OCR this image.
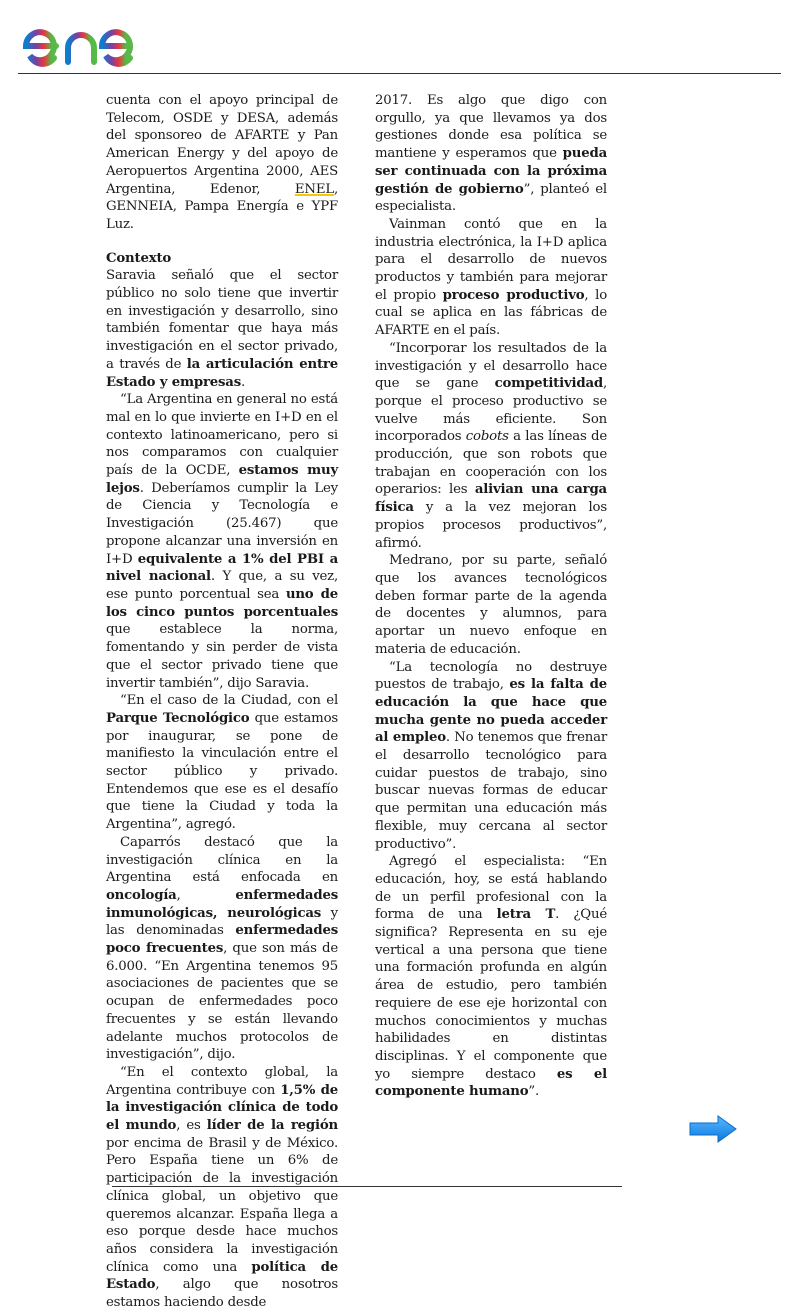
cuenta con el apoyo principal de Telecom, OSDE y DESA, además del sponsoreo de AFARTE y Pan American Energy y del apoyo de Aeropuertos Argentina 2000, AES Argentina, Edenor, ENEL, GENNEIA, Pampa Energía e YPF Luz.

Contexto

Saravia señaló que el sector público no solo tiene que invertir en investigación y desarrollo, sino también fomentar que haya más investigación en el sector privado, a través de la articulación entre Estado y empresas.

“La Argentina en general no está mal en lo que invierte en I+D en el contexto latinoamericano, pero si nos comparamos con cualquier país de la OCDE, estamos muy lejos. Deberíamos cumplir la Ley de Ciencia y Tecnología e Investigación (25.467) que propone alcanzar una inversión en I+D equivalente a 1% del PBI a nivel nacional. Y que, a su vez, ese punto porcentual sea uno de los cinco puntos porcentuales que establece la norma, fomentando y sin perder de vista que el sector privado tiene que invertir también”, dijo Saravia.

“En el caso de la Ciudad, con el Parque Tecnológico que estamos por inaugurar, se pone de manifiesto la vinculación entre el sector público y privado. Entendemos que ese es el desafío que tiene la Ciudad y toda la Argentina”, agregó.

Caparrós destacó que la investigación clínica en la Argentina está enfocada en oncología, enfermedades inmunológicas, neurológicas y las denominadas enfermedades poco frecuentes, que son más de 6.000. “En Argentina tenemos 95 asociaciones de pacientes que se ocupan de enfermedades poco frecuentes y se están llevando adelante muchos protocolos de investigación”, dijo.

“En el contexto global, la Argentina contribuye con 1,5% de la investigación clínica de todo el mundo, es líder de la región por encima de Brasil y de México. Pero España tiene un 6% de participación de la investigación clínica global, un objetivo que queremos alcanzar. España llega a eso porque desde hace muchos años considera la investigación clínica como una política de Estado, algo que nosotros estamos haciendo desde

2017. Es algo que digo con orgullo, ya que llevamos ya dos gestiones donde esa política se mantiene y esperamos que pueda ser continuada con la próxima gestión de gobierno”, planteó el especialista.

Vainman contó que en la industria electrónica, la I+D aplica para el desarrollo de nuevos productos y también para mejorar el propio proceso productivo, lo cual se aplica en las fábricas de AFARTE en el país.

“Incorporar los resultados de la investigación y el desarrollo hace que se gane competitividad, porque el proceso productivo se vuelve más eficiente. Son incorporados cobots a las líneas de producción, que son robots que trabajan en cooperación con los operarios: les alivian una carga física y a la vez mejoran los propios procesos productivos”, afirmó.

Medrano, por su parte, señaló que los avances tecnológicos deben formar parte de la agenda de docentes y alumnos, para aportar un nuevo enfoque en materia de educación.

“La tecnología no destruye puestos de trabajo, es la falta de educación la que hace que mucha gente no pueda acceder al empleo. No tenemos que frenar el desarrollo tecnológico para cuidar puestos de trabajo, sino buscar nuevas formas de educar que permitan una educación más flexible, muy cercana al sector productivo”.

Agregó el especialista: “En educación, hoy, se está hablando de un perfil profesional con la forma de una letra T. ¿Qué significa? Representa en su eje vertical a una persona que tiene una formación profunda en algún área de estudio, pero también requiere de ese eje horizontal con muchos conocimientos y muchas habilidades en distintas disciplinas. Y el componente que yo siempre destaco es el componente humano”.
